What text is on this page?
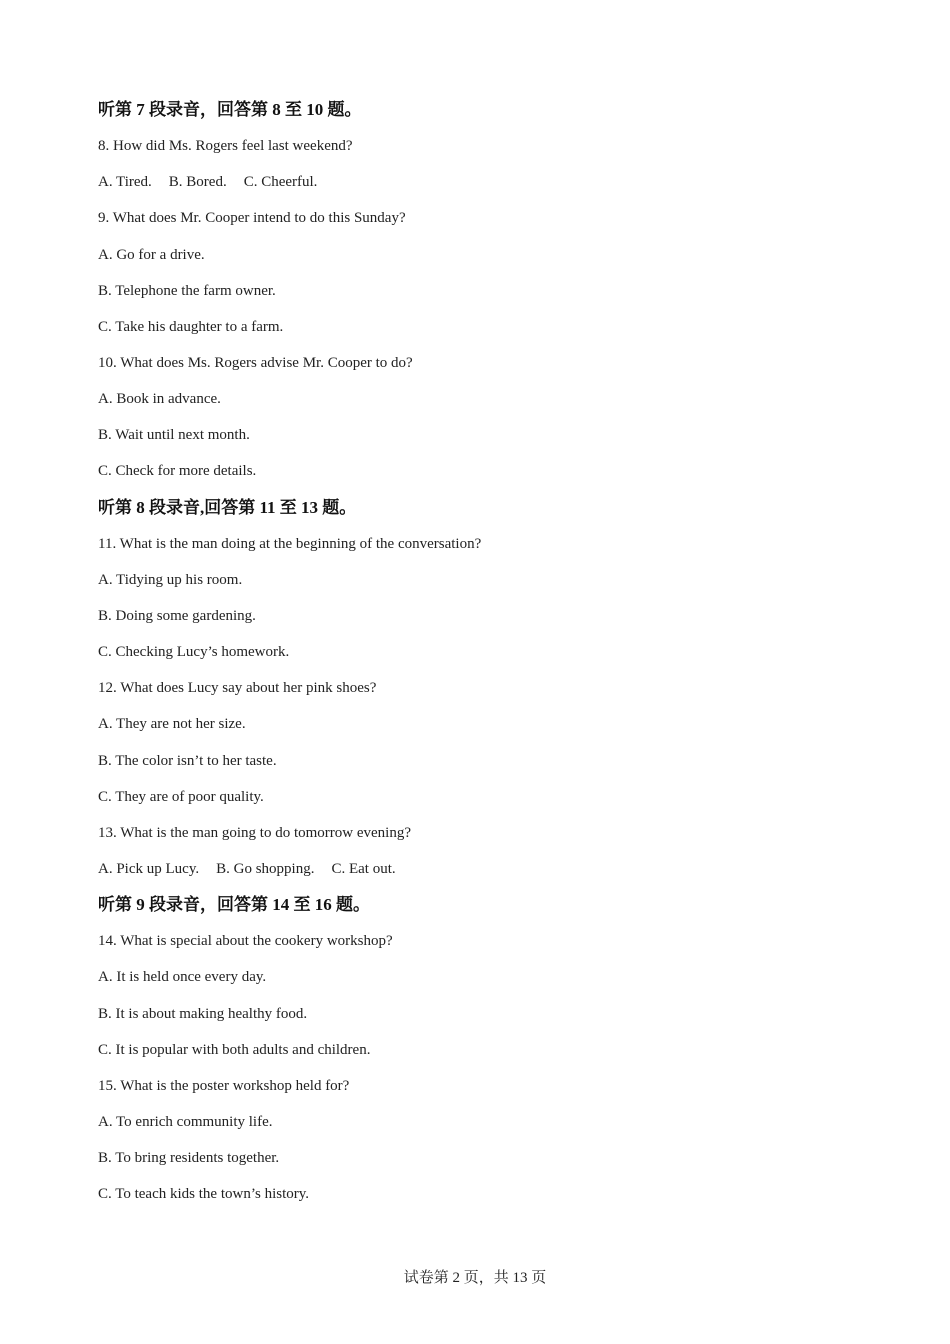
听第 7 段录音，回答第 8 至 10 题。
8. How did Ms. Rogers feel last weekend?
A. Tired. B. Bored. C. Cheerful.
9. What does Mr. Cooper intend to do this Sunday?
A. Go for a drive.
B. Telephone the farm owner.
C. Take his daughter to a farm.
10. What does Ms. Rogers advise Mr. Cooper to do?
A. Book in advance.
B. Wait until next month.
C. Check for more details.
听第 8 段录音,回答第 11 至 13 题。
11. What is the man doing at the beginning of the conversation?
A. Tidying up his room.
B. Doing some gardening.
C. Checking Lucy’s homework.
12. What does Lucy say about her pink shoes?
A. They are not her size.
B. The color isn’t to her taste.
C. They are of poor quality.
13. What is the man going to do tomorrow evening?
A. Pick up Lucy. B. Go shopping. C. Eat out.
听第 9 段录音，回答第 14 至 16 题。
14. What is special about the cookery workshop?
A. It is held once every day.
B. It is about making healthy food.
C. It is popular with both adults and children.
15. What is the poster workshop held for?
A. To enrich community life.
B. To bring residents together.
C. To teach kids the town’s history.
试卷第 2 页，共 13 页
